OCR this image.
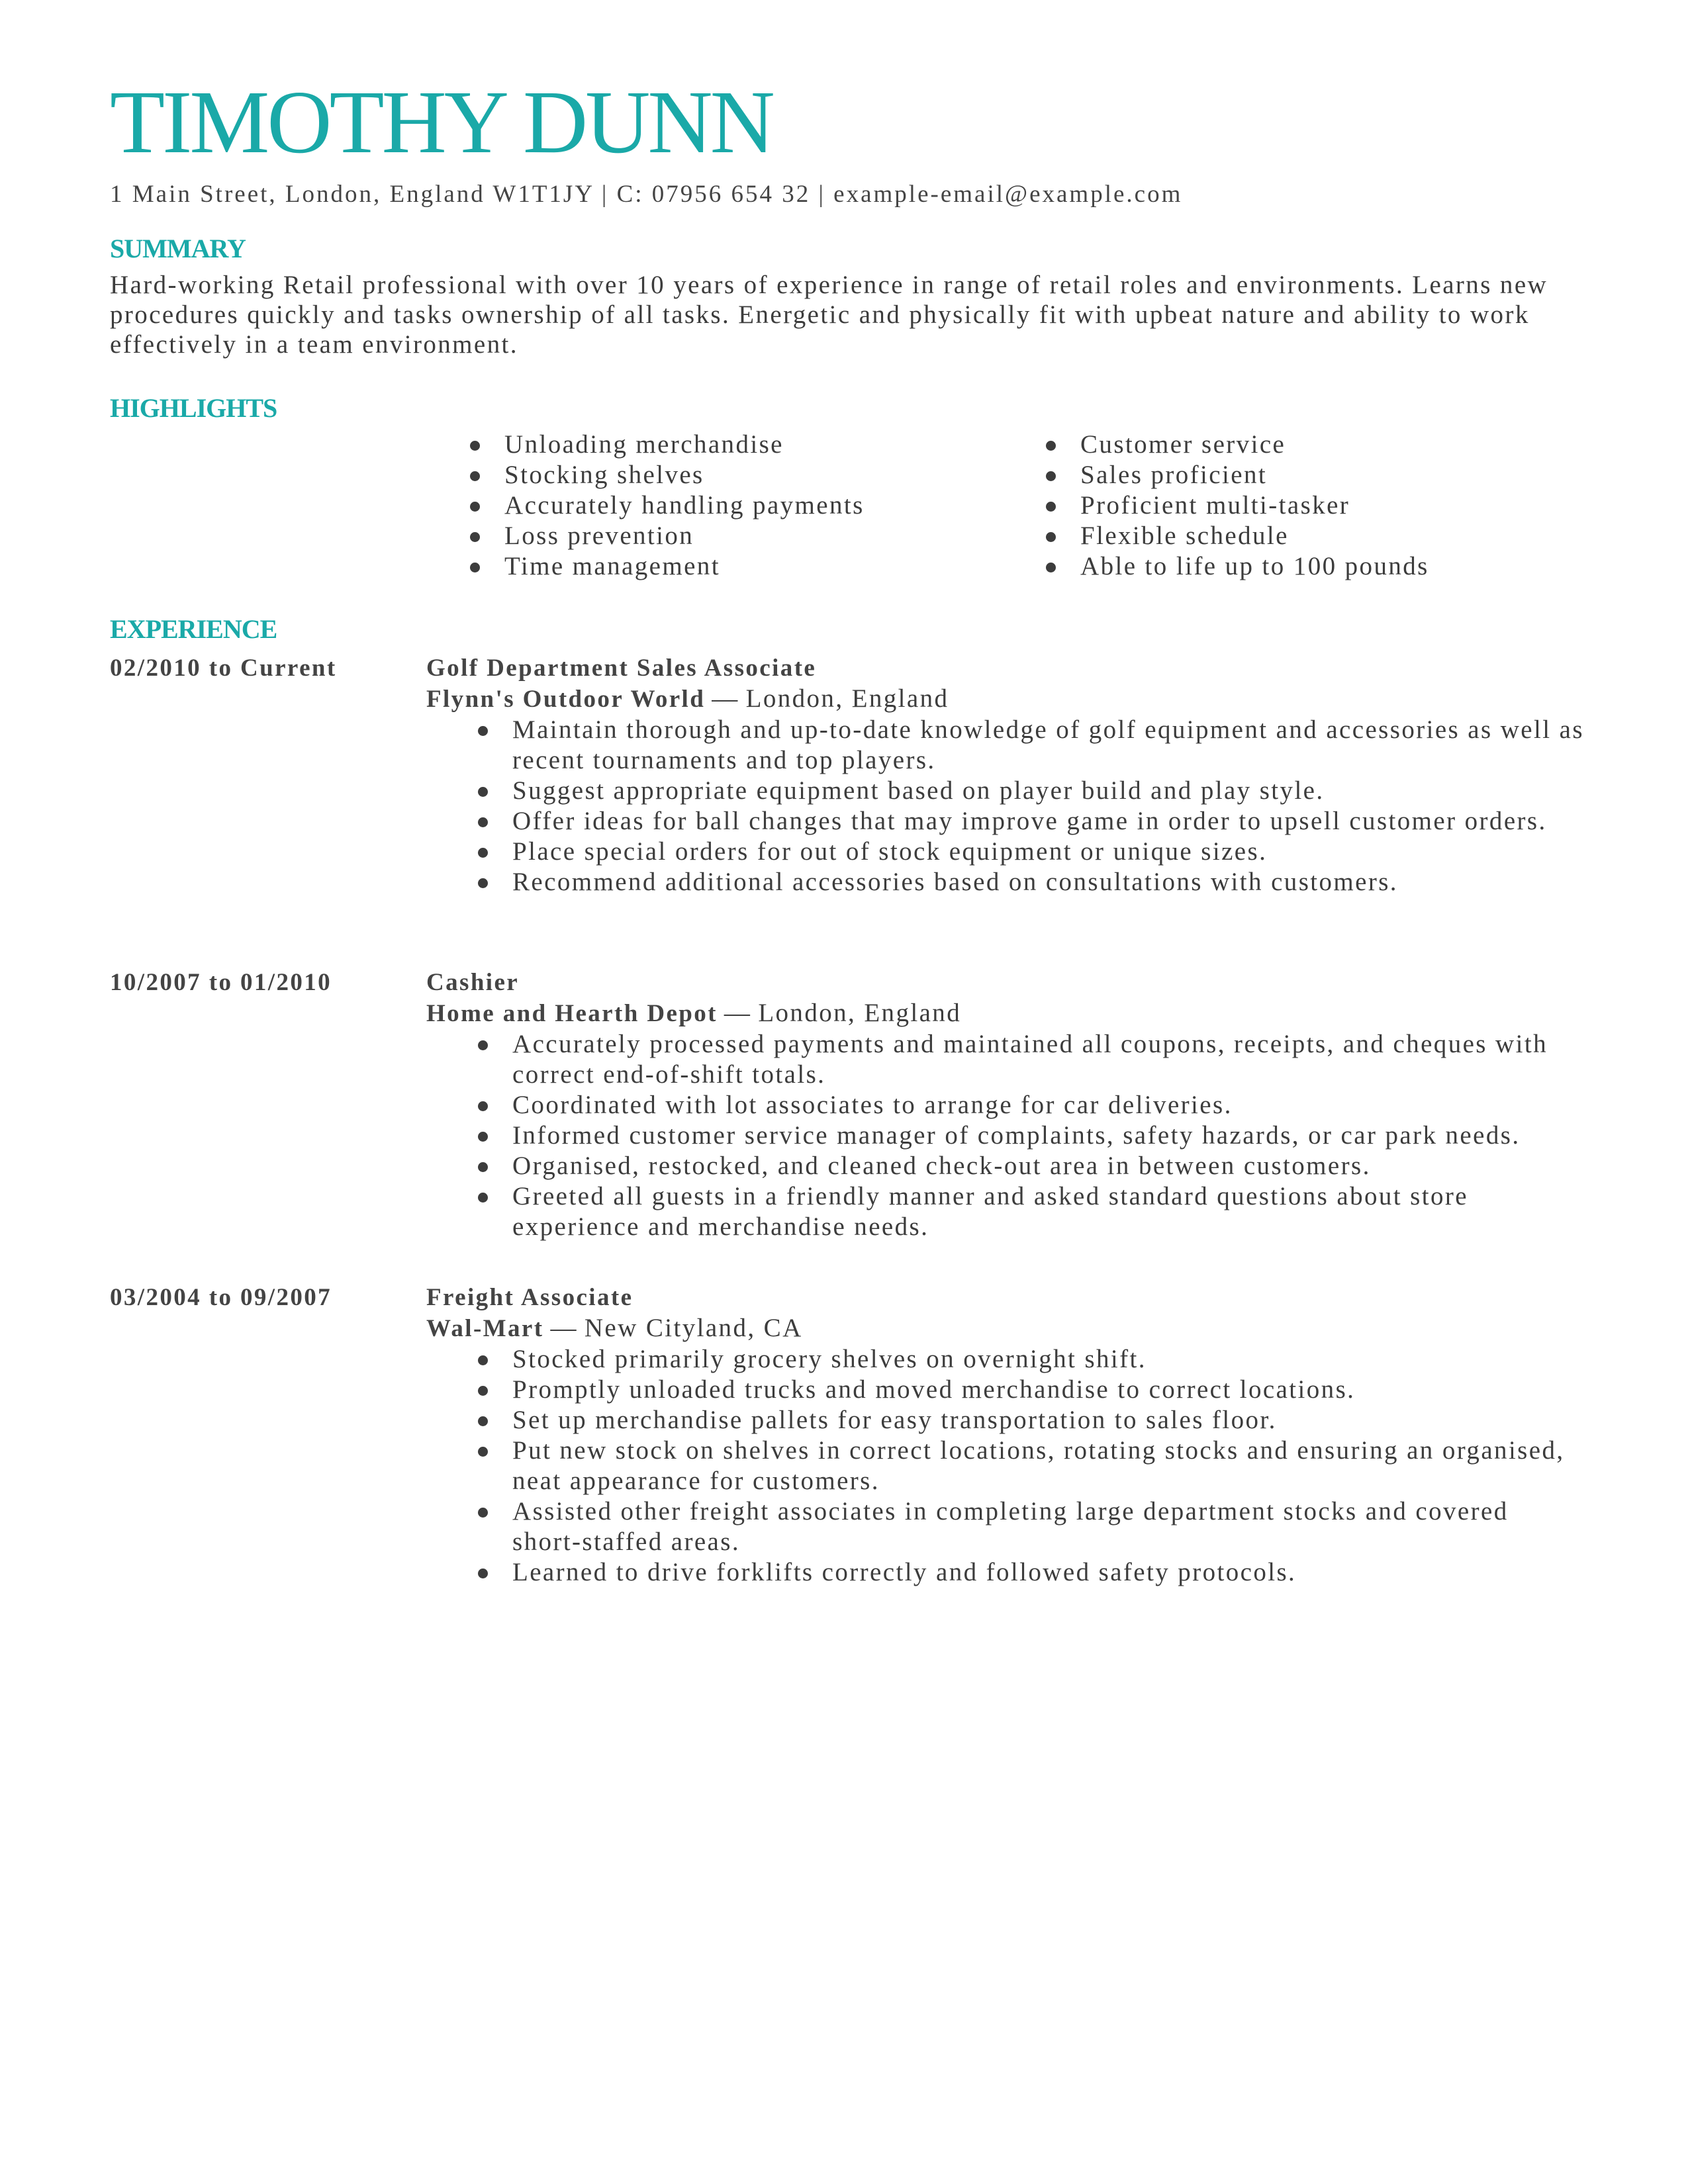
TIMOTHY DUNN
1 Main Street, London, England W1T1JY | C: 07956 654 32 | example-email@example.com
SUMMARY
Hard-working Retail professional with over 10 years of experience in range of retail roles and environments. Learns new procedures quickly and tasks ownership of all tasks. Energetic and physically fit with upbeat nature and ability to work effectively in a team environment.
HIGHLIGHTS
Unloading merchandise
Stocking shelves
Accurately handling payments
Loss prevention
Time management
Customer service
Sales proficient
Proficient multi-tasker
Flexible schedule
Able to life up to 100 pounds
EXPERIENCE
02/2010 to Current	Golf Department Sales Associate
Flynn's Outdoor World — London, England
Maintain thorough and up-to-date knowledge of golf equipment and accessories as well as recent tournaments and top players.
Suggest appropriate equipment based on player build and play style.
Offer ideas for ball changes that may improve game in order to upsell customer orders.
Place special orders for out of stock equipment or unique sizes.
Recommend additional accessories based on consultations with customers.
10/2007 to 01/2010	Cashier
Home and Hearth Depot — London, England
Accurately processed payments and maintained all coupons, receipts, and cheques with correct end-of-shift totals.
Coordinated with lot associates to arrange for car deliveries.
Informed customer service manager of complaints, safety hazards, or car park needs.
Organised, restocked, and cleaned check-out area in between customers.
Greeted all guests in a friendly manner and asked standard questions about store experience and merchandise needs.
03/2004 to 09/2007	Freight Associate
Wal-Mart — New Cityland, CA
Stocked primarily grocery shelves on overnight shift.
Promptly unloaded trucks and moved merchandise to correct locations.
Set up merchandise pallets for easy transportation to sales floor.
Put new stock on shelves in correct locations, rotating stocks and ensuring an organised, neat appearance for customers.
Assisted other freight associates in completing large department stocks and covered short-staffed areas.
Learned to drive forklifts correctly and followed safety protocols.
